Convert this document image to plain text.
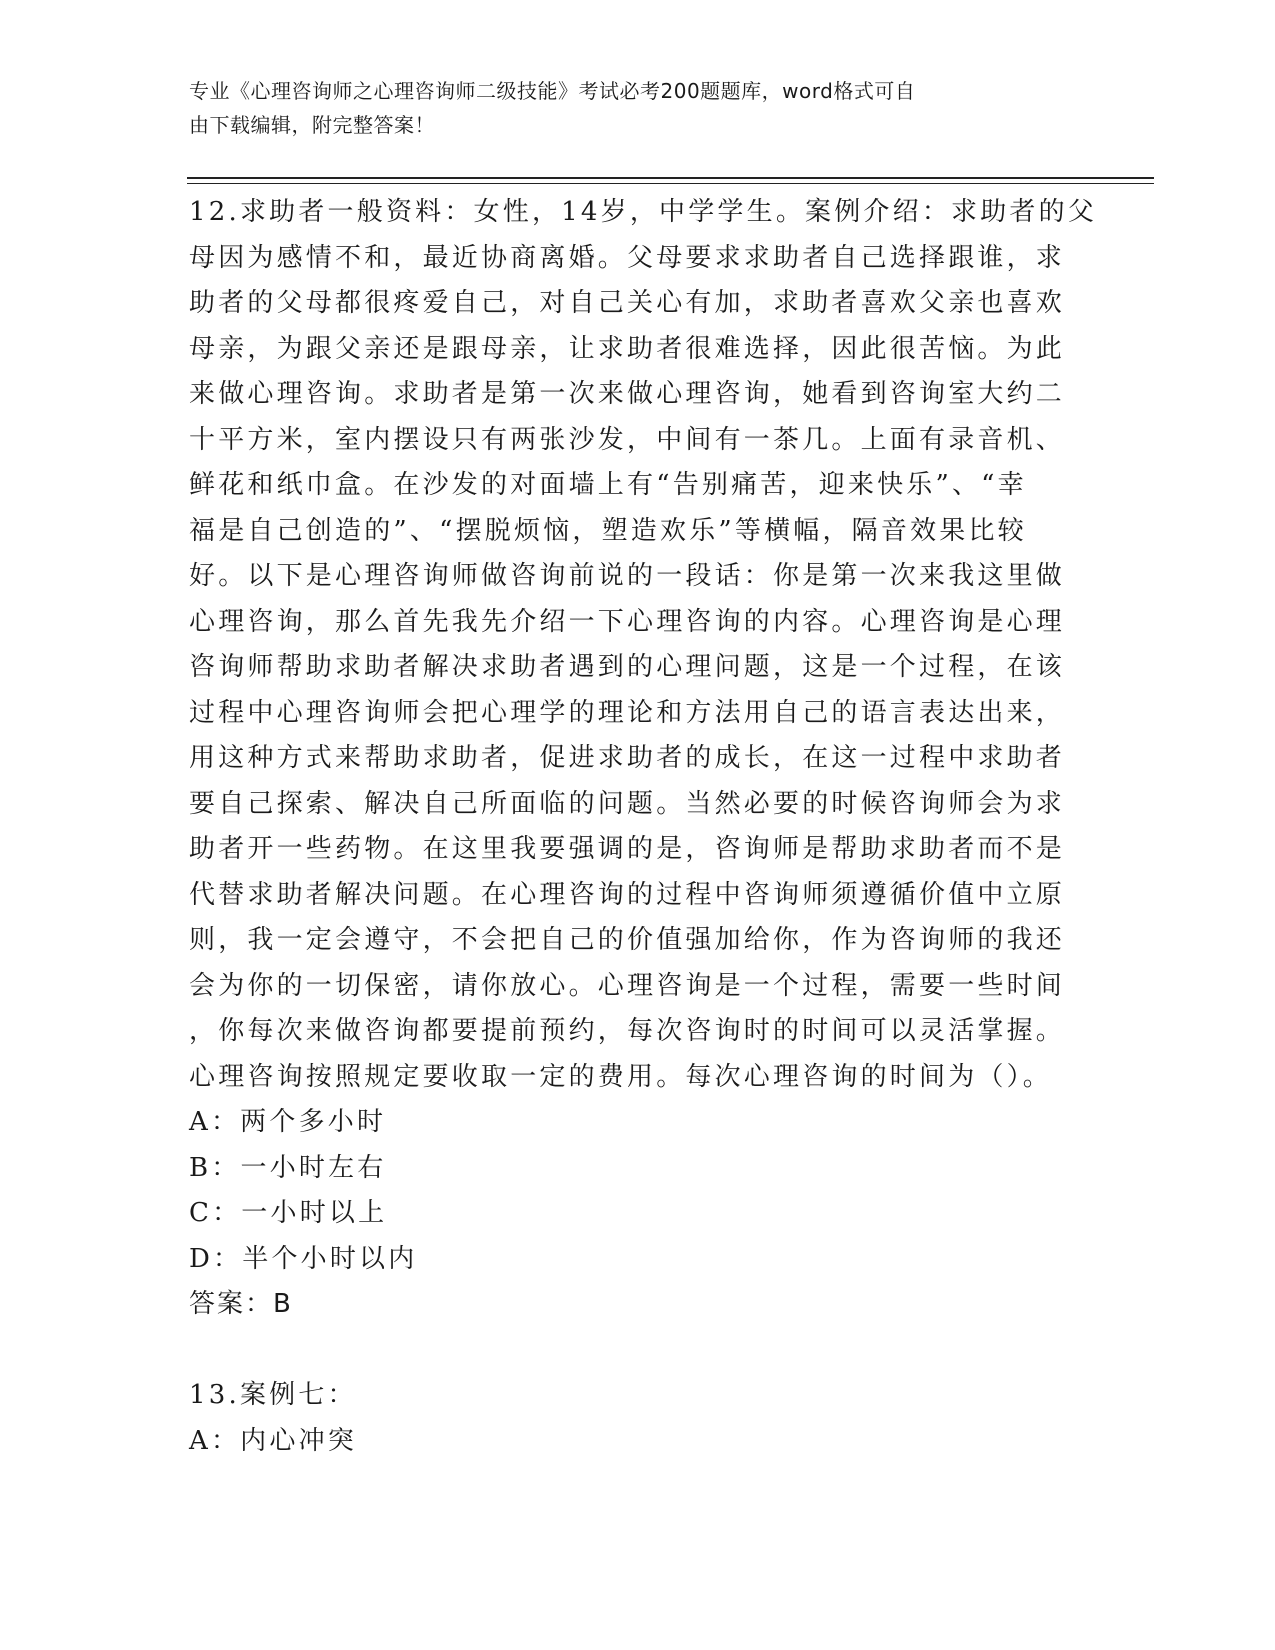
专业《心理咨询师之心理咨询师二级技能》考试必考200题题库，word格式可自
由下载编辑，附完整答案！
12.求助者一般资料：女性，14岁，中学学生。案例介绍：求助者的父
母因为感情不和，最近协商离婚。父母要求求助者自己选择跟谁，求
助者的父母都很疼爱自己，对自己关心有加，求助者喜欢父亲也喜欢
母亲，为跟父亲还是跟母亲，让求助者很难选择，因此很苦恼。为此
来做心理咨询。求助者是第一次来做心理咨询，她看到咨询室大约二
十平方米，室内摆设只有两张沙发，中间有一茶几。上面有录音机、
鲜花和纸巾盒。在沙发的对面墙上有“告别痛苦，迎来快乐”、“幸
福是自己创造的”、“摆脱烦恼，塑造欢乐”等横幅，隔音效果比较
好。以下是心理咨询师做咨询前说的一段话：你是第一次来我这里做
心理咨询，那么首先我先介绍一下心理咨询的内容。心理咨询是心理
咨询师帮助求助者解决求助者遇到的心理问题，这是一个过程，在该
过程中心理咨询师会把心理学的理论和方法用自己的语言表达出来，
用这种方式来帮助求助者，促进求助者的成长，在这一过程中求助者
要自己探索、解决自己所面临的问题。当然必要的时候咨询师会为求
助者开一些药物。在这里我要强调的是，咨询师是帮助求助者而不是
代替求助者解决问题。在心理咨询的过程中咨询师须遵循价值中立原
则，我一定会遵守，不会把自己的价值强加给你，作为咨询师的我还
会为你的一切保密，请你放心。心理咨询是一个过程，需要一些时间
，你每次来做咨询都要提前预约，每次咨询时的时间可以灵活掌握。
心理咨询按照规定要收取一定的费用。每次心理咨询的时间为（）。
A：两个多小时
B：一小时左右
C：一小时以上
D：半个小时以内
答案：B
13.案例七：
A：内心冲突
